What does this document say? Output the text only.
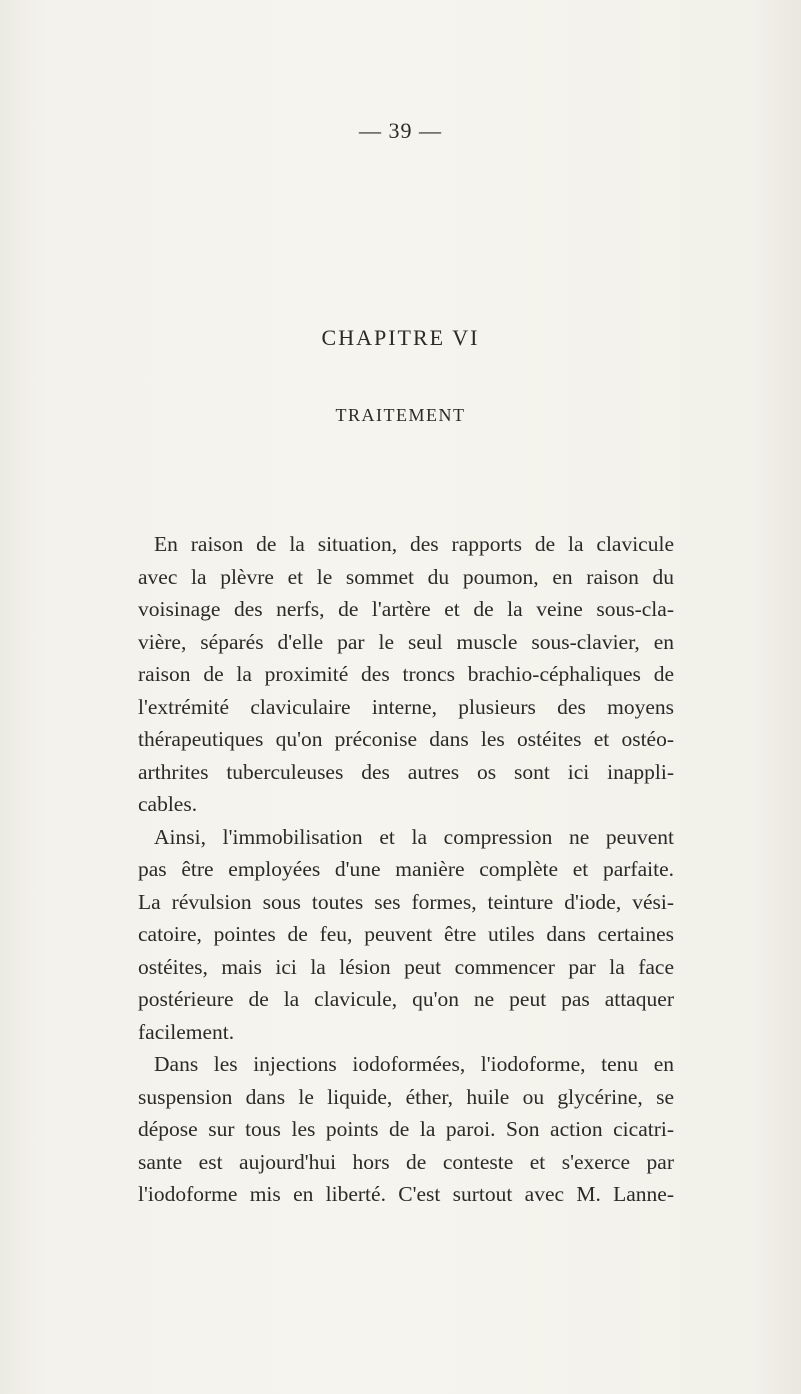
— 39 —
CHAPITRE VI
TRAITEMENT
En raison de la situation, des rapports de la clavicule
avec la plèvre et le sommet du poumon, en raison du
voisinage des nerfs, de l'artère et de la veine sous-cla-
vière, séparés d'elle par le seul muscle sous-clavier, en
raison de la proximité des troncs brachio-céphaliques de
l'extrémité claviculaire interne, plusieurs des moyens
thérapeutiques qu'on préconise dans les ostéites et ostéo-
arthrites tuberculeuses des autres os sont ici inappli-
cables.
Ainsi, l'immobilisation et la compression ne peuvent
pas être employées d'une manière complète et parfaite.
La révulsion sous toutes ses formes, teinture d'iode, vési-
catoire, pointes de feu, peuvent être utiles dans certaines
ostéites, mais ici la lésion peut commencer par la face
postérieure de la clavicule, qu'on ne peut pas attaquer
facilement.
Dans les injections iodoformées, l'iodoforme, tenu en
suspension dans le liquide, éther, huile ou glycérine, se
dépose sur tous les points de la paroi. Son action cicatri-
sante est aujourd'hui hors de conteste et s'exerce par
l'iodoforme mis en liberté. C'est surtout avec M. Lanne-
